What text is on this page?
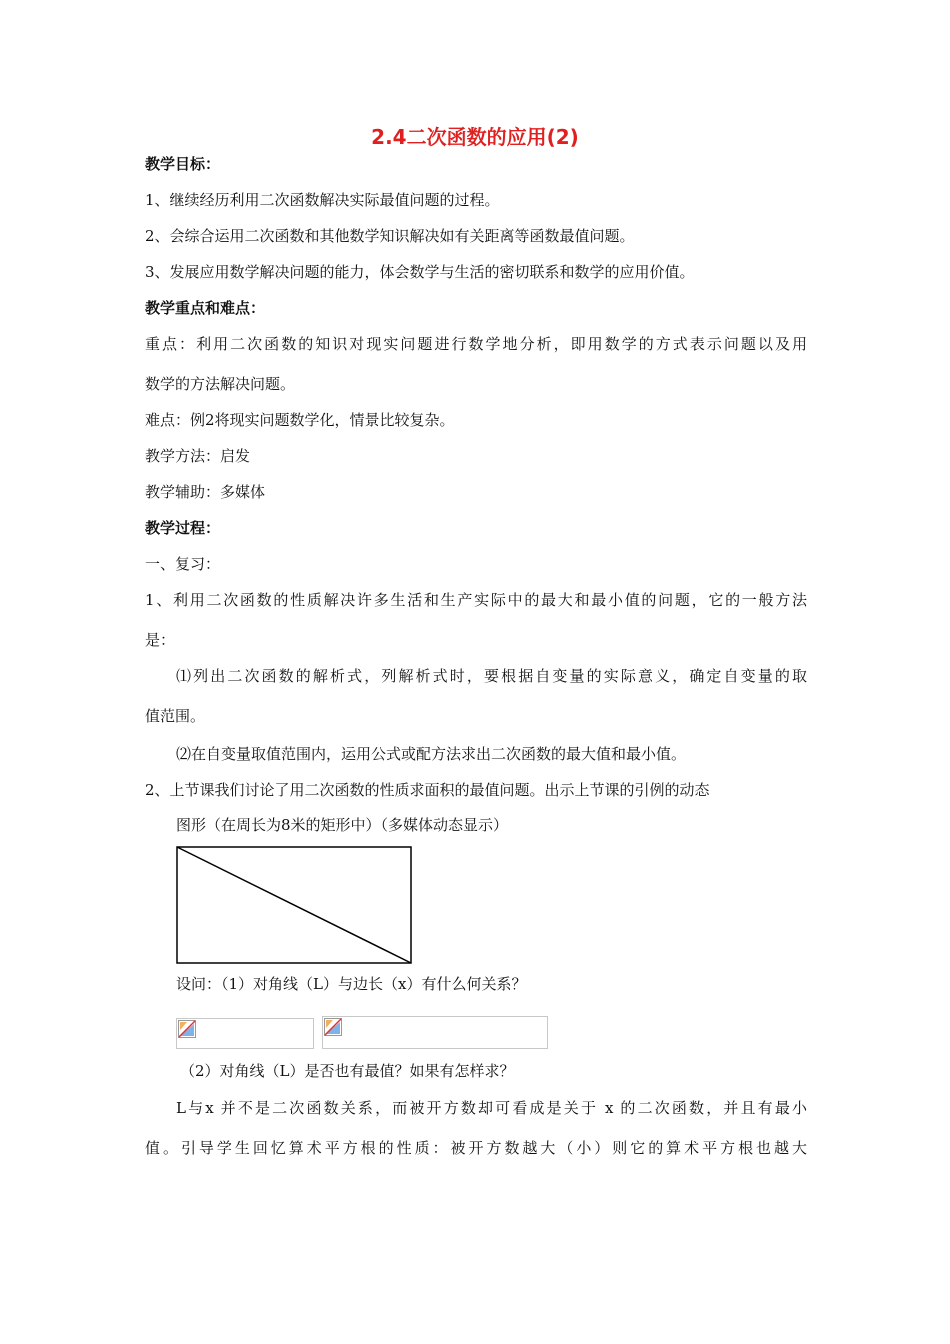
2.4二次函数的应用(2)
教学目标：
1、继续经历利用二次函数解决实际最值问题的过程。
2、会综合运用二次函数和其他数学知识解决如有关距离等函数最值问题。
3、发展应用数学解决问题的能力，体会数学与生活的密切联系和数学的应用价值。
教学重点和难点：
重点：利用二次函数的知识对现实问题进行数学地分析，即用数学的方式表示问题以及用
数学的方法解决问题。
难点：例2将现实问题数学化，情景比较复杂。
教学方法：启发
教学辅助：多媒体
教学过程：
一、复习：
1、利用二次函数的性质解决许多生活和生产实际中的最大和最小值的问题，它的一般方法
是：
⑴列出二次函数的解析式，列解析式时，要根据自变量的实际意义，确定自变量的取
值范围。
⑵在自变量取值范围内，运用公式或配方法求出二次函数的最大值和最小值。
2、上节课我们讨论了用二次函数的性质求面积的最值问题。出示上节课的引例的动态
图形（在周长为8米的矩形中）（多媒体动态显示）
设问：（1）对角线（L）与边长（x）有什么何关系？
（2）对角线（L）是否也有最值？如果有怎样求？
L与x 并不是二次函数关系，而被开方数却可看成是关于 x 的二次函数，并且有最小
值。引导学生回忆算术平方根的性质：被开方数越大（小）则它的算术平方根也越大
